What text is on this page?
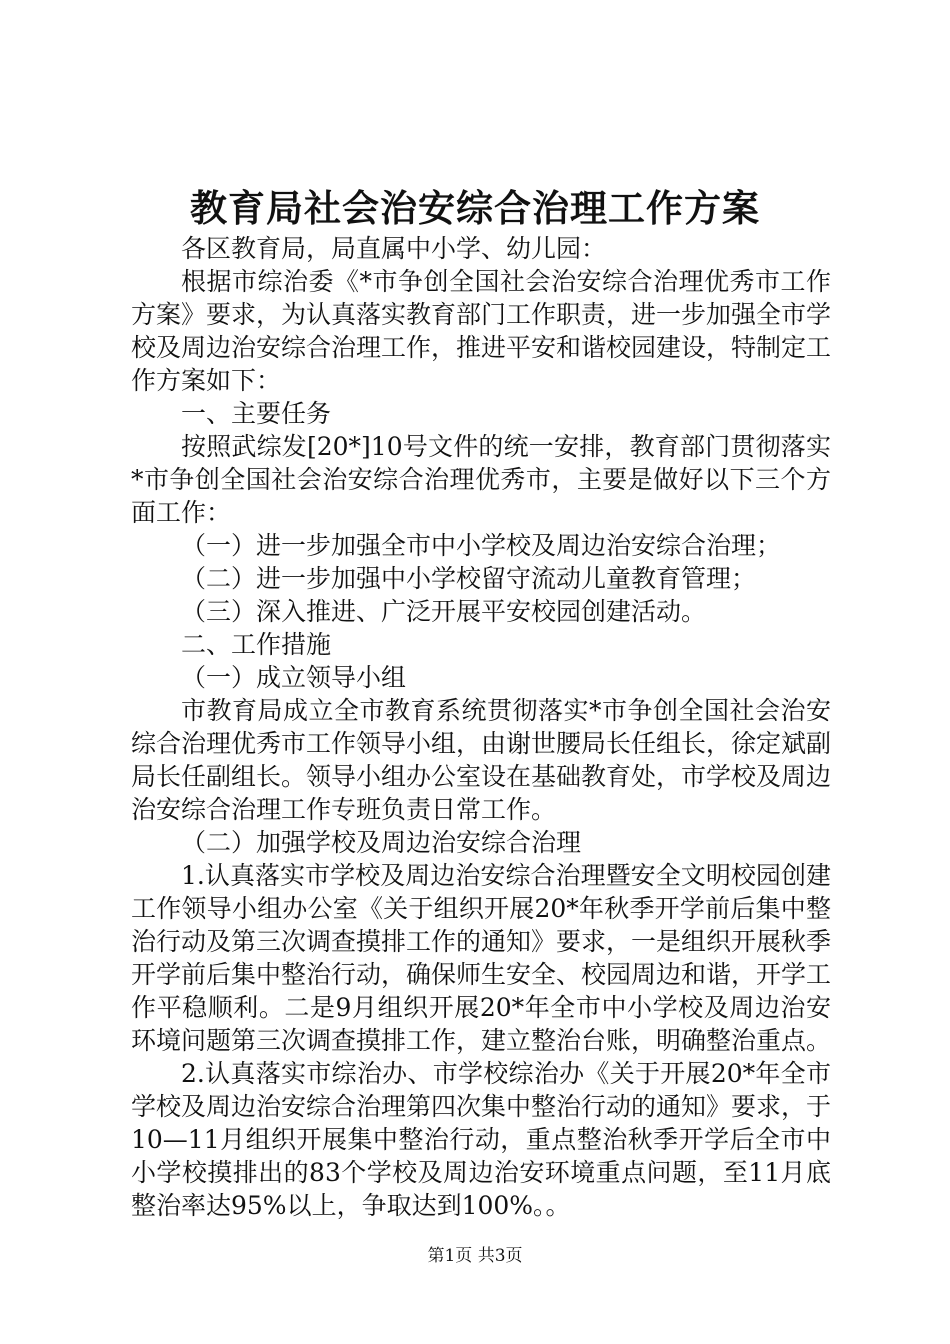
教育局社会治安综合治理工作方案

各区教育局，局直属中小学、幼儿园：

根据市综治委《*市争创全国社会治安综合治理优秀市工作方案》要求，为认真落实教育部门工作职责，进一步加强全市学校及周边治安综合治理工作，推进平安和谐校园建设，特制定工作方案如下：

一、主要任务

按照武综发[20*]10号文件的统一安排，教育部门贯彻落实*市争创全国社会治安综合治理优秀市，主要是做好以下三个方面工作：

（一）进一步加强全市中小学校及周边治安综合治理；

（二）进一步加强中小学校留守流动儿童教育管理；

（三）深入推进、广泛开展平安校园创建活动。

二、工作措施

（一）成立领导小组

市教育局成立全市教育系统贯彻落实*市争创全国社会治安综合治理优秀市工作领导小组，由谢世腰局长任组长，徐定斌副局长任副组长。领导小组办公室设在基础教育处，市学校及周边治安综合治理工作专班负责日常工作。

（二）加强学校及周边治安综合治理

1.认真落实市学校及周边治安综合治理暨安全文明校园创建工作领导小组办公室《关于组织开展20*年秋季开学前后集中整治行动及第三次调查摸排工作的通知》要求，一是组织开展秋季开学前后集中整治行动，确保师生安全、校园周边和谐，开学工作平稳顺利。二是9月组织开展20*年全市中小学校及周边治安环境问题第三次调查摸排工作，建立整治台账，明确整治重点。

2.认真落实市综治办、市学校综治办《关于开展20*年全市学校及周边治安综合治理第四次集中整治行动的通知》要求，于10—11月组织开展集中整治行动，重点整治秋季开学后全市中小学校摸排出的83个学校及周边治安环境重点问题，至11月底整治率达95%以上，争取达到100%。。

第1页 共3页
